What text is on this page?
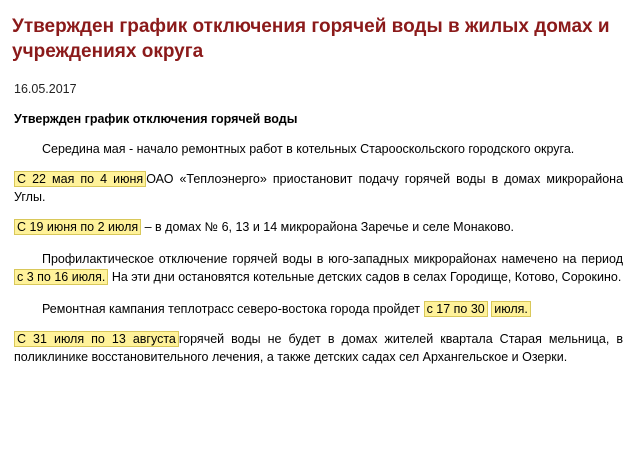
Утвержден график отключения горячей воды в жилых домах и учреждениях округа
16.05.2017
Утвержден график отключения горячей воды

Середина мая - начало ремонтных работ в котельных Старооскольского городского округа.

С 22 мая по 4 июня ОАО «Теплоэнерго» приостановит подачу горячей воды в домах микрорайона Углы.

С 19 июня по 2 июля – в домах № 6, 13 и 14 микрорайона Заречье и селе Монаково.

Профилактическое отключение горячей воды в юго-западных микрорайонах намечено на период с 3 по 16 июля. На эти дни остановятся котельные детских садов в селах Городище, Котово, Сорокино.

Ремонтная кампания теплотрасс северо-востока города пройдет с 17 по 30 июля.

С 31 июля по 13 августа горячей воды не будет в домах жителей квартала Старая мельница, в поликлинике восстановительного лечения, а также детских садах сел Архангельское и Озерки.
